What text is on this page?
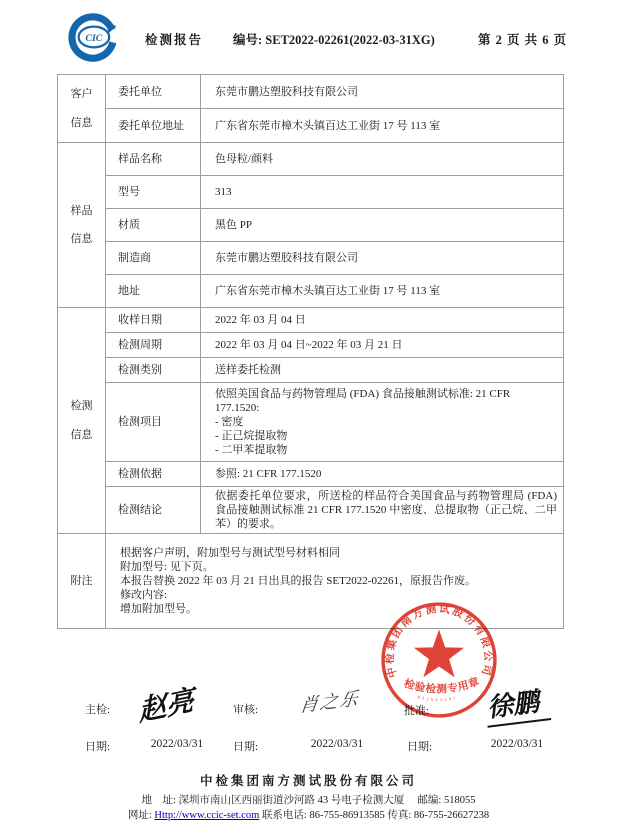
CIC	检测报告 编号: SET2022-02261(2022-03-31XG)	第 2 页 共 6 页
客户信息	委托单位	东莞市鹏达塑胶科技有限公司
	委托单位地址	广东省东莞市樟木头镇百达工业街 17 号 113 室

样品信息	样品名称	色母粒/颜料
	型号	313
	材质	黑色 PP
	制造商	东莞市鹏达塑胶科技有限公司
	地址	广东省东莞市樟木头镇百达工业街 17 号 113 室

检测信息	收样日期	2022 年 03 月 04 日
	检测周期	2022 年 03 月 04 日~2022 年 03 月 21 日
	检测类别	送样委托检测
	检测项目	依照美国食品与药物管理局 (FDA) 食品接触测试标准: 21 CFR
177.1520:
- 密度
- 正己烷提取物
- 二甲苯提取物
	检测依据	参照: 21 CFR 177.1520
	检测结论	依据委托单位要求，所送检的样品符合美国食品与药物管理局 (FDA) 食品接触测试标准 21 CFR 177.1520 中密度、总提取物（正己烷、二甲苯）的要求。

附注	根据客户声明，附加型号与测试型号材料相同
附加型号: 见下页。
本报告替换 2022 年 03 月 21 日出具的报告 SET2022-02261，原报告作废。
修改内容:
增加附加型号。	
主检: 赵亮	审核: 肖之乐	批准: 徐鹏
日期:	2022/03/31	日期:	2022/03/31	日期:	2022/03/31
中检集团南方测试股份有限公司
检验检测专用章
832643207
中检集团南方测试股份有限公司
地　址: 深圳市南山区西丽街道沙河路 43 号电子检测大厦　 邮编: 518055
网址: Http://www.ccic-set.com 联系电话: 86-755-86913585 传真: 86-755-26627238
